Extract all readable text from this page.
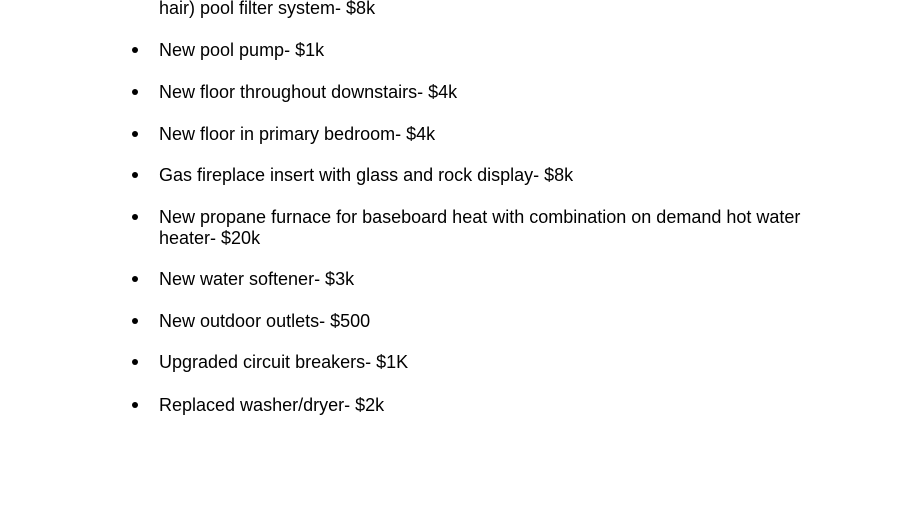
hair) pool filter system- $8k
New pool pump- $1k
New floor throughout downstairs- $4k
New floor in primary bedroom- $4k
Gas fireplace insert with glass and rock display- $8k
New propane furnace for baseboard heat with combination on demand hot water heater- $20k
New water softener- $3k
New outdoor outlets- $500
Upgraded circuit breakers- $1K
Replaced washer/dryer- $2k
